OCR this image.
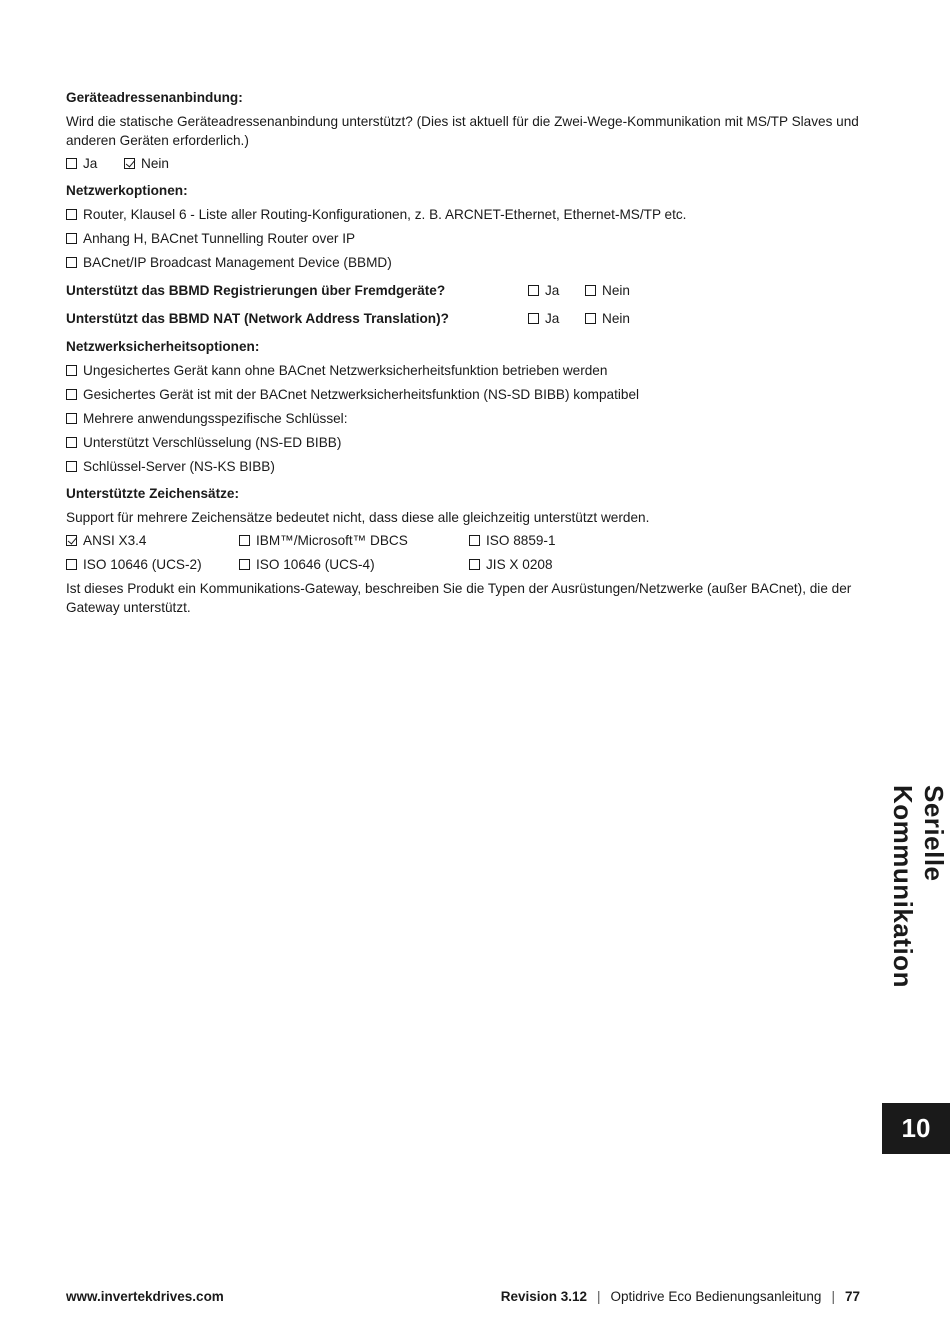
Geräteadressenanbindung:
Wird die statische Geräteadressenanbindung unterstützt? (Dies ist aktuell für die Zwei-Wege-Kommunikation mit MS/TP Slaves und anderen Geräten erforderlich.)
Ja	Nein
Netzwerkoptionen:
Router, Klausel 6 - Liste aller Routing-Konfigurationen, z. B. ARCNET-Ethernet, Ethernet-MS/TP etc.
Anhang H, BACnet Tunnelling Router over IP
BACnet/IP Broadcast Management Device (BBMD)
Unterstützt das BBMD Registrierungen über Fremdgeräte?	Ja	Nein
Unterstützt das BBMD NAT (Network Address Translation)?	Ja	Nein
Netzwerksicherheitsoptionen:
Ungesichertes Gerät kann ohne BACnet Netzwerksicherheitsfunktion betrieben werden
Gesichertes Gerät ist mit der BACnet Netzwerksicherheitsfunktion (NS-SD BIBB) kompatibel
Mehrere anwendungsspezifische Schlüssel:
Unterstützt Verschlüsselung (NS-ED BIBB)
Schlüssel-Server (NS-KS BIBB)
Unterstützte Zeichensätze:
Support für mehrere Zeichensätze bedeutet nicht, dass diese alle gleichzeitig unterstützt werden.
ANSI X3.4	IBM™/Microsoft™ DBCS	ISO 8859-1
ISO 10646 (UCS-2)	ISO 10646 (UCS-4)	JIS X 0208
Ist dieses Produkt ein Kommunikations-Gateway, beschreiben Sie die Typen der Ausrüstungen/Netzwerke (außer BACnet), die der Gateway unterstützt.
Serielle Kommunikation
10
www.invertekdrives.com	Revision 3.12 | Optidrive Eco Bedienungsanleitung | 77
